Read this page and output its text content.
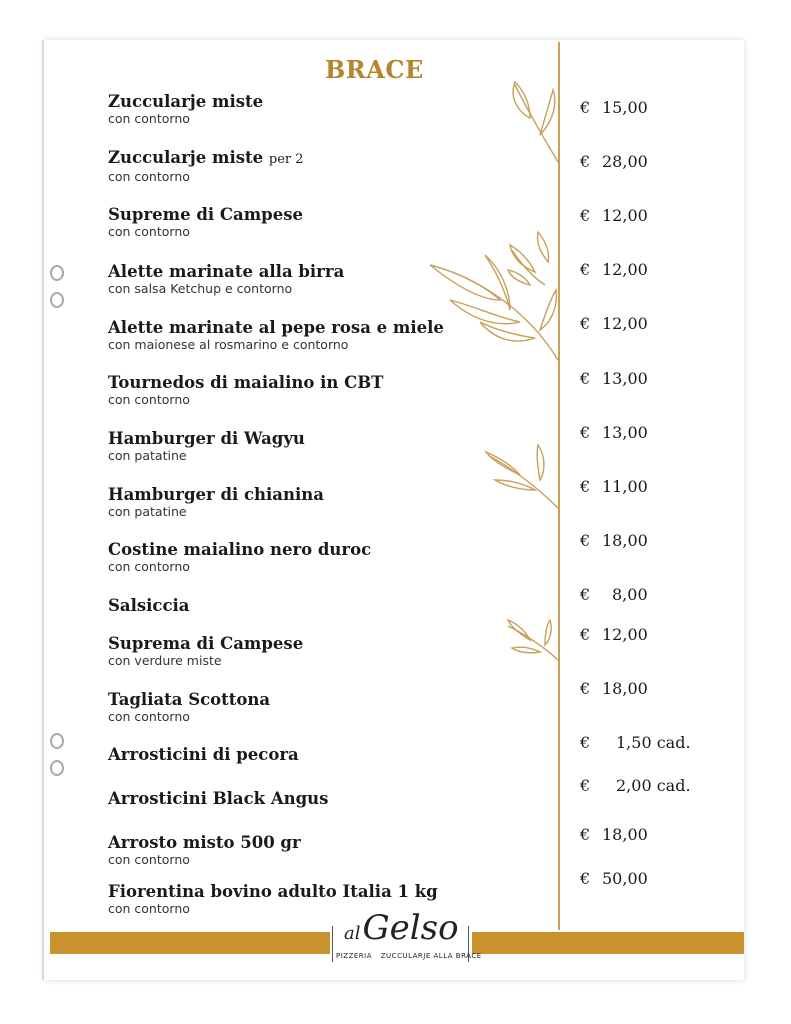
BRACE
Zuccularje miste
con contorno
€ 15,00
Zuccularje miste per 2
con contorno
€ 28,00
Supreme di Campese
con contorno
€ 12,00
Alette marinate alla birra
con salsa Ketchup e contorno
€ 12,00
Alette marinate al pepe rosa e miele
con maionese al rosmarino e contorno
€ 12,00
Tournedos di maialino in CBT
con contorno
€ 13,00
Hamburger di Wagyu
con patatine
€ 13,00
Hamburger di chianina
con patatine
€ 11,00
Costine maialino nero duroc
con contorno
€ 18,00
Salsiccia
€ 8,00
Suprema di Campese
con verdure miste
€ 12,00
Tagliata Scottona
con contorno
€ 18,00
Arrosticini di pecora
€ 1,50 cad.
Arrosticini Black Angus
€ 2,00 cad.
Arrosto misto 500 gr
con contorno
€ 18,00
Fiorentina bovino adulto Italia 1 kg
con contorno
€ 50,00
alGelso
PIZZERIA ZUCCULARJE ALLA BRACE
